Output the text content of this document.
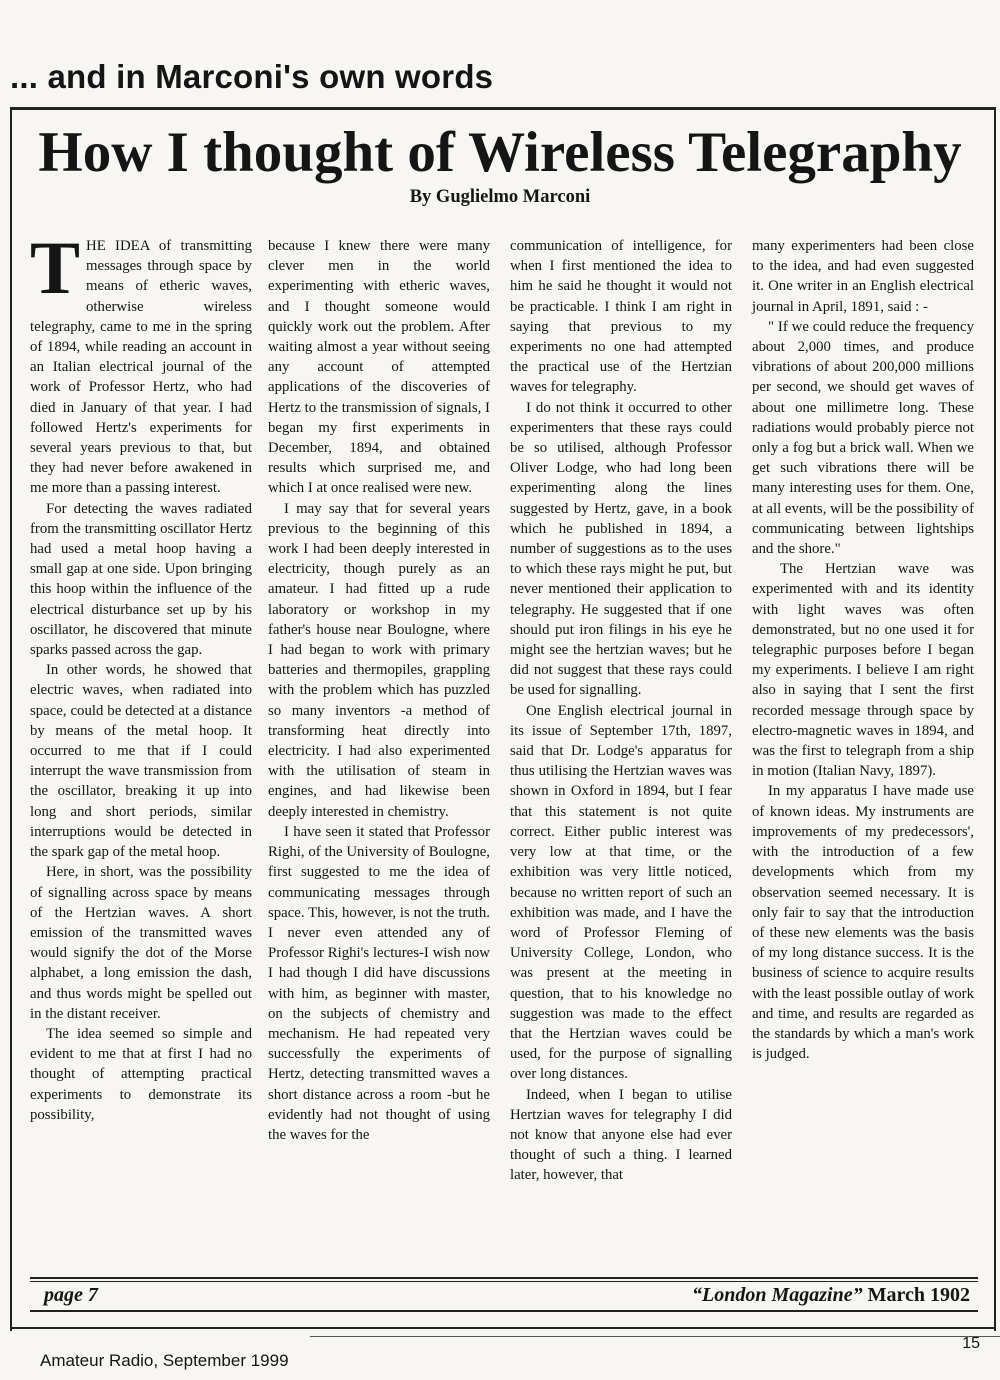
... and in Marconi's own words
How I thought of Wireless Telegraphy
By Guglielmo Marconi

THE IDEA of transmitting messages through space by means of etheric waves, otherwise wireless telegraphy, came to me in the spring of 1894, while reading an account in an Italian electrical journal of the work of Professor Hertz, who had died in January of that year. I had followed Hertz's experiments for several years previous to that, but they had never before awakened in me more than a passing interest.

For detecting the waves radiated from the transmitting oscillator Hertz had used a metal hoop having a small gap at one side. Upon bringing this hoop within the influence of the electrical disturbance set up by his oscillator, he discovered that minute sparks passed across the gap.

In other words, he showed that electric waves, when radiated into space, could be detected at a distance by means of the metal hoop. It occurred to me that if I could interrupt the wave transmission from the oscillator, breaking it up into long and short periods, similar interruptions would be detected in the spark gap of the metal hoop.

Here, in short, was the possibility of signalling across space by means of the Hertzian waves. A short emission of the transmitted waves would signify the dot of the Morse alphabet, a long emission the dash, and thus words might be spelled out in the distant receiver.

The idea seemed so simple and evident to me that at first I had no thought of attempting practical experiments to demonstrate its possibility,

because I knew there were many clever men in the world experimenting with etheric waves, and I thought someone would quickly work out the problem. After waiting almost a year without seeing any account of attempted applications of the discoveries of Hertz to the transmission of signals, I began my first experiments in December, 1894, and obtained results which surprised me, and which I at once realised were new.

I may say that for several years previous to the beginning of this work I had been deeply interested in electricity, though purely as an amateur. I had fitted up a rude laboratory or workshop in my father's house near Boulogne, where I had began to work with primary batteries and thermopiles, grappling with the problem which has puzzled so many inventors -a method of transforming heat directly into electricity. I had also experimented with the utilisation of steam in engines, and had likewise been deeply interested in chemistry.

I have seen it stated that Professor Righi, of the University of Boulogne, first suggested to me the idea of communicating messages through space. This, however, is not the truth. I never even attended any of Professor Righi's lectures-I wish now I had though I did have discussions with him, as beginner with master, on the subjects of chemistry and mechanism. He had repeated very successfully the experiments of Hertz, detecting transmitted waves a short distance across a room -but he evidently had not thought of using the waves for the

communication of intelligence, for when I first mentioned the idea to him he said he thought it would not be practicable. I think I am right in saying that previous to my experiments no one had attempted the practical use of the Hertzian waves for telegraphy.

I do not think it occurred to other experimenters that these rays could be so utilised, although Professor Oliver Lodge, who had long been experimenting along the lines suggested by Hertz, gave, in a book which he published in 1894, a number of suggestions as to the uses to which these rays might he put, but never mentioned their application to telegraphy. He suggested that if one should put iron filings in his eye he might see the hertzian waves; but he did not suggest that these rays could be used for signalling.

One English electrical journal in its issue of September 17th, 1897, said that Dr. Lodge's apparatus for thus utilising the Hertzian waves was shown in Oxford in 1894, but I fear that this statement is not quite correct. Either public interest was very low at that time, or the exhibition was very little noticed, because no written report of such an exhibition was made, and I have the word of Professor Fleming of University College, London, who was present at the meeting in question, that to his knowledge no suggestion was made to the effect that the Hertzian waves could be used, for the purpose of signalling over long distances.

Indeed, when I began to utilise Hertzian waves for telegraphy I did not know that anyone else had ever thought of such a thing. I learned later, however, that

many experimenters had been close to the idea, and had even suggested it. One writer in an English electrical journal in April, 1891, said : -

" If we could reduce the frequency about 2,000 times, and produce vibrations of about 200,000 millions per second, we should get waves of about one millimetre long. These radiations would probably pierce not only a fog but a brick wall. When we get such vibrations there will be many interesting uses for them. One, at all events, will be the possibility of communicating between lightships and the shore."

The Hertzian wave was experimented with and its identity with light waves was often demonstrated, but no one used it for telegraphic purposes before I began my experiments. I believe I am right also in saying that I sent the first recorded message through space by electro-magnetic waves in 1894, and was the first to telegraph from a ship in motion (Italian Navy, 1897).

In my apparatus I have made use of known ideas. My instruments are improvements of my predecessors', with the introduction of a few developments which from my observation seemed necessary. It is only fair to say that the introduction of these new elements was the basis of my long distance success. It is the business of science to acquire results with the least possible outlay of work and time, and results are regarded as the standards by which a man's work is judged.

page 7	“London Magazine” March 1902
Amateur Radio, September 1999
15
